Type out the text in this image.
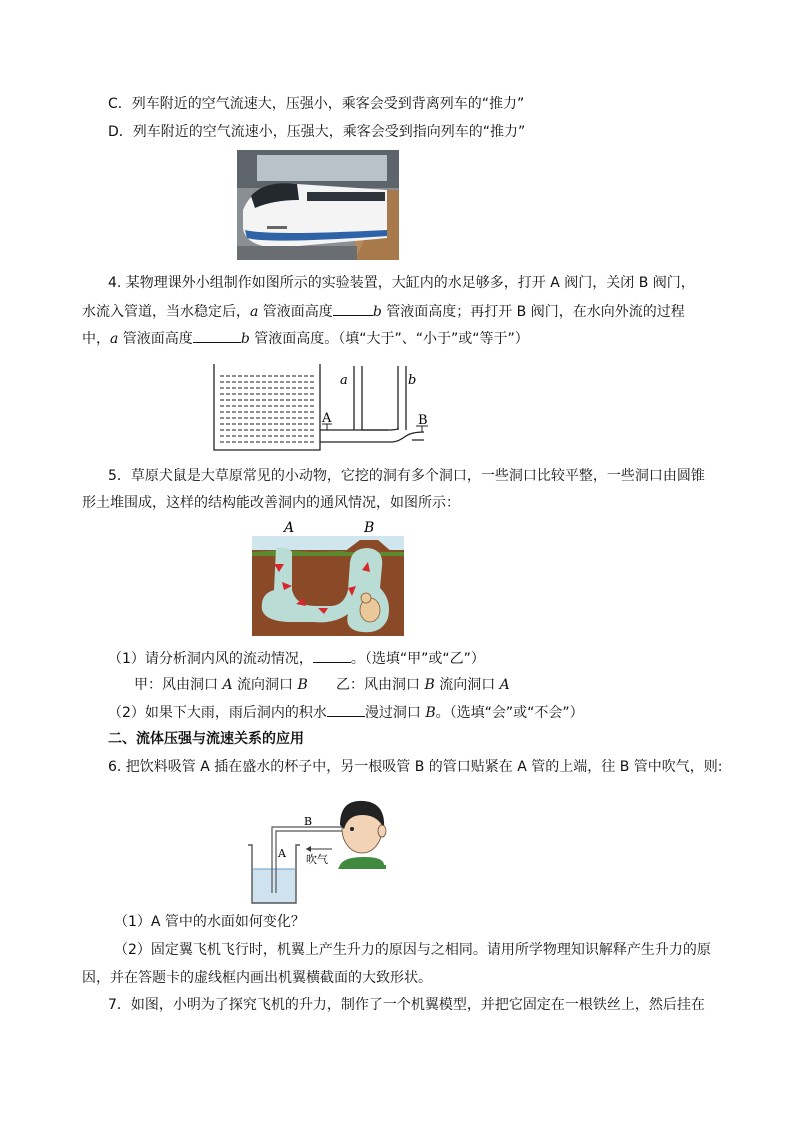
C．列车附近的空气流速大，压强小，乘客会受到背离列车的“推力”
D．列车附近的空气流速小，压强大，乘客会受到指向列车的“推力”
4. 某物理课外小组制作如图所示的实验装置，大缸内的水足够多，打开 A 阀门，关闭 B 阀门，
水流入管道，当水稳定后，a 管液面高度	b 管液面高度；再打开 B 阀门，在水向外流的过程
中，a 管液面高度	b 管液面高度。（填“大于”、“小于”或“等于”）
a	b
A	B
5．草原犬鼠是大草原常见的小动物，它挖的洞有多个洞口，一些洞口比较平整，一些洞口由圆锥
形土堆围成，这样的结构能改善洞内的通风情况，如图所示：
A	B
（1）请分析洞内风的流动情况，	。（选填“甲”或“乙”）
甲：风由洞口 A 流向洞口 B 乙：风由洞口 B 流向洞口 A
（2）如果下大雨，雨后洞内的积水	漫过洞口 B。（选填“会”或“不会”）
二、流体压强与流速关系的应用
6. 把饮料吸管 A 插在盛水的杯子中，另一根吸管 B 的管口贴紧在 A 管的上端，往 B 管中吹气，则:
B
A 吹气
（1）A 管中的水面如何变化？
（2）固定翼飞机飞行时，机翼上产生升力的原因与之相同。请用所学物理知识解释产生升力的原
因，并在答题卡的虚线框内画出机翼横截面的大致形状。
7．如图，小明为了探究飞机的升力，制作了一个机翼模型，并把它固定在一根铁丝上，然后挂在
